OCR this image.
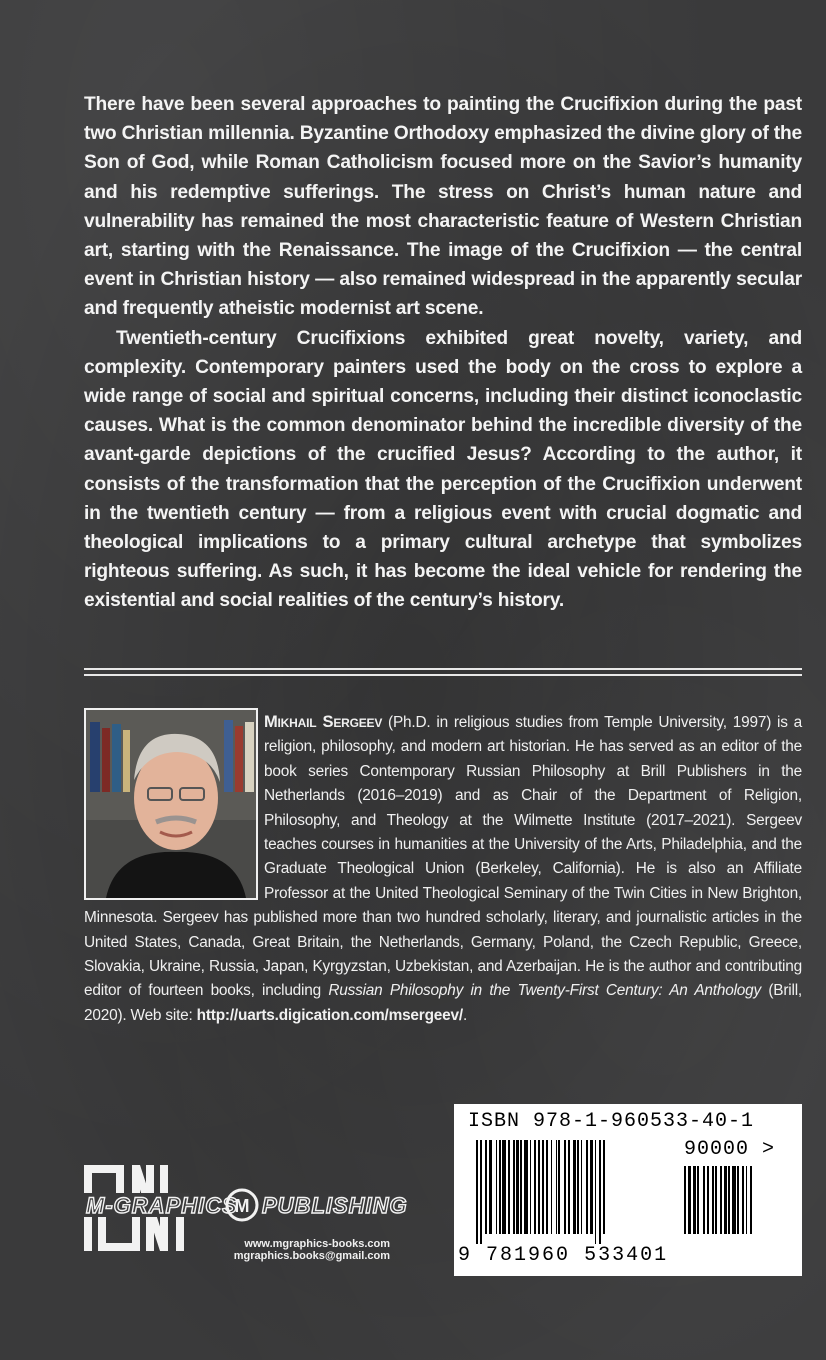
There have been several approaches to painting the Crucifixion during the past two Christian millennia. Byzantine Orthodoxy emphasized the divine glory of the Son of God, while Roman Catholicism focused more on the Savior’s humanity and his redemptive sufferings. The stress on Christ’s human nature and vulnerability has remained the most characteristic feature of Western Christian art, starting with the Renaissance. The image of the Crucifixion — the central event in Christian history — also remained widespread in the apparently secular and frequently atheistic modernist art scene.

Twentieth-century Crucifixions exhibited great novelty, variety, and complexity. Contemporary painters used the body on the cross to explore a wide range of social and spiritual concerns, including their distinct iconoclastic causes. What is the common denominator behind the incredible diversity of the avant-garde depictions of the crucified Jesus? According to the author, it consists of the transformation that the perception of the Crucifixion underwent in the twentieth century — from a religious event with crucial dogmatic and theological implications to a primary cultural archetype that symbolizes righteous suffering. As such, it has become the ideal vehicle for rendering the existential and social realities of the century’s history.

Mikhail Sergeev (Ph.D. in religious studies from Temple University, 1997) is a religion, philosophy, and modern art historian. He has served as an editor of the book series Contemporary Russian Philosophy at Brill Publishers in the Netherlands (2016–2019) and as Chair of the Department of Religion, Philosophy, and Theology at the Wilmette Institute (2017–2021). Sergeev teaches courses in humanities at the University of the Arts, Philadelphia, and the Graduate Theological Union (Berkeley, California). He is also an Affiliate Professor at the United Theological Seminary of the Twin Cities in New Brighton, Minnesota. Sergeev has published more than two hundred scholarly, literary, and journalistic articles in the United States, Canada, Great Britain, the Netherlands, Germany, Poland, the Czech Republic, Greece, Slovakia, Ukraine, Russia, Japan, Kyrgyzstan, Uzbekistan, and Azerbaijan. He is the author and contributing editor of fourteen books, including Russian Philosophy in the Twenty-First Century: An Anthology (Brill, 2020). Web site: http://uarts.digication.com/msergeev/.
M-GRAPHICS
M PUBLISHING
www.mgraphics-books.com
mgraphics.books@gmail.com
ISBN 978-1-960533-40-1
90000 >
9 781960 533401
